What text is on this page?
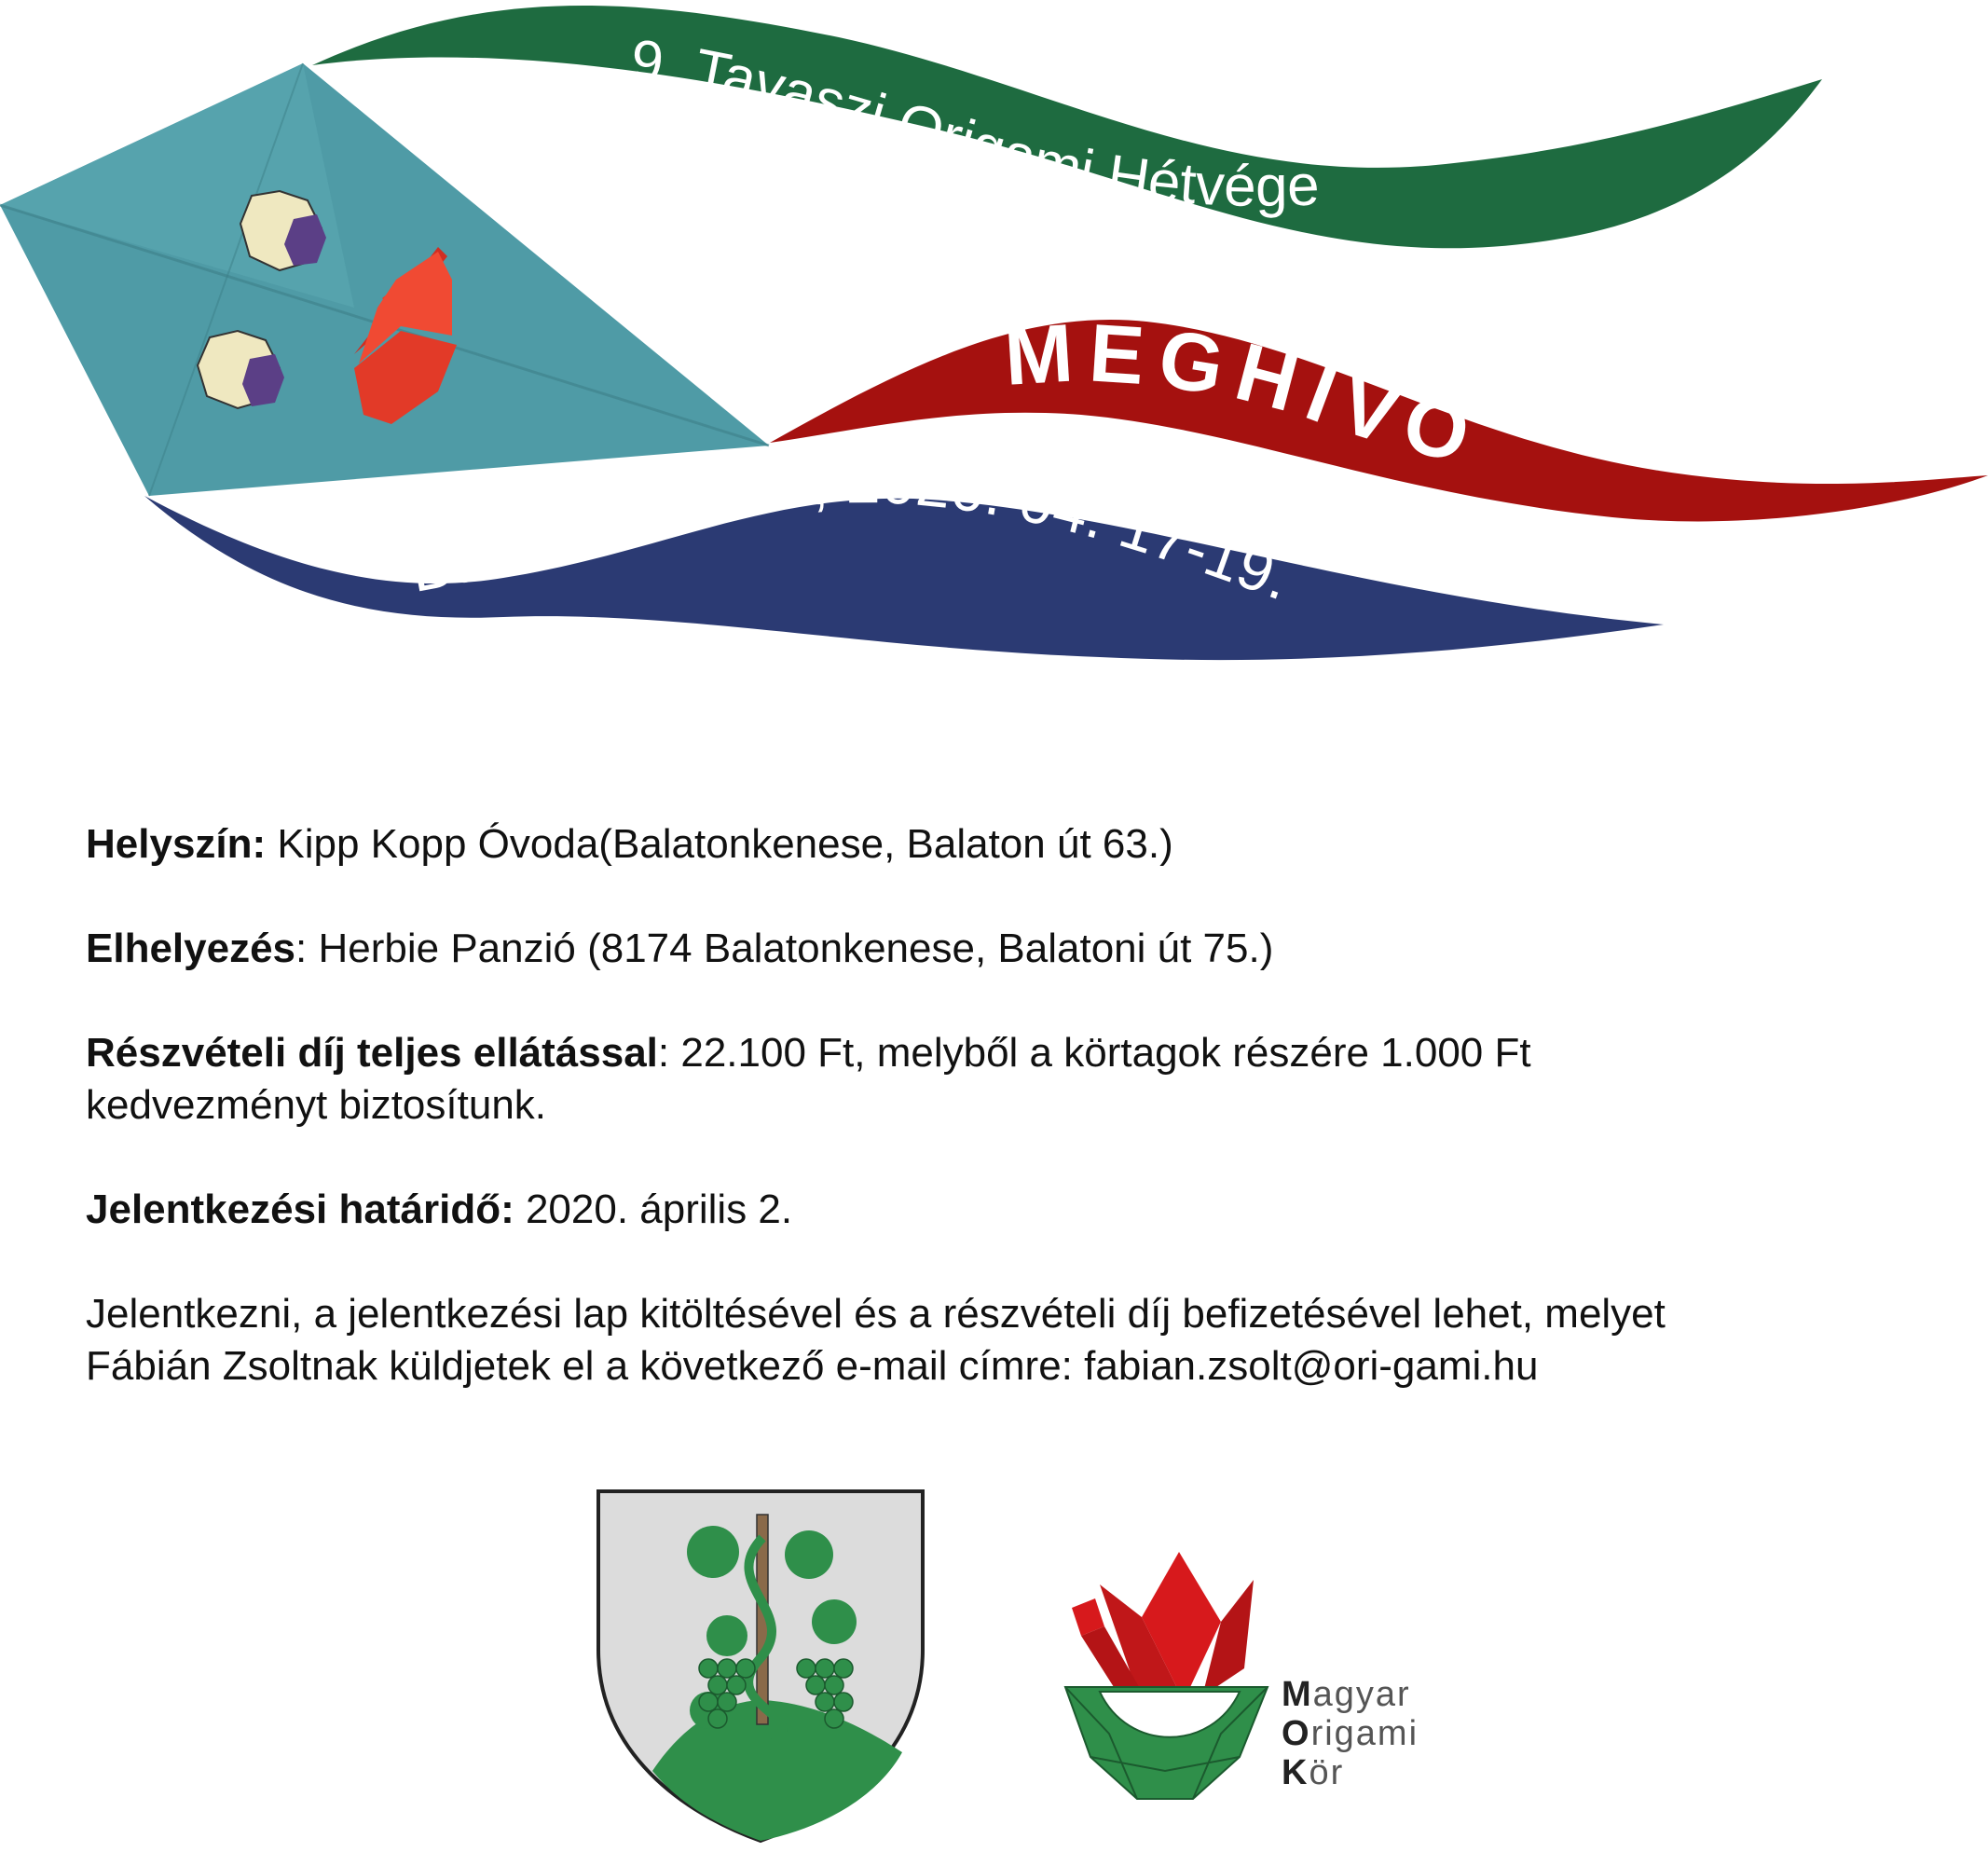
9. Tavaszi Origami Hétvége
MEGHÍVÓ
Balatonkenese, 2020. 04. 17-19.

Helyszín: Kipp Kopp Óvoda(Balatonkenese, Balaton út 63.)

Elhelyezés: Herbie Panzió (8174 Balatonkenese, Balatoni út 75.)

Részvételi díj teljes ellátással: 22.100 Ft, melyből a körtagok részére 1.000 Ft kedvezményt biztosítunk.

Jelentkezési határidő: 2020. április 2.

Jelentkezni, a jelentkezési lap kitöltésével és a részvételi díj befizetésével lehet, melyet
Fábián Zsoltnak küldjetek el a következő e-mail címre: fabian.zsolt@ori-gami.hu

Magyar
Origami
Kör
